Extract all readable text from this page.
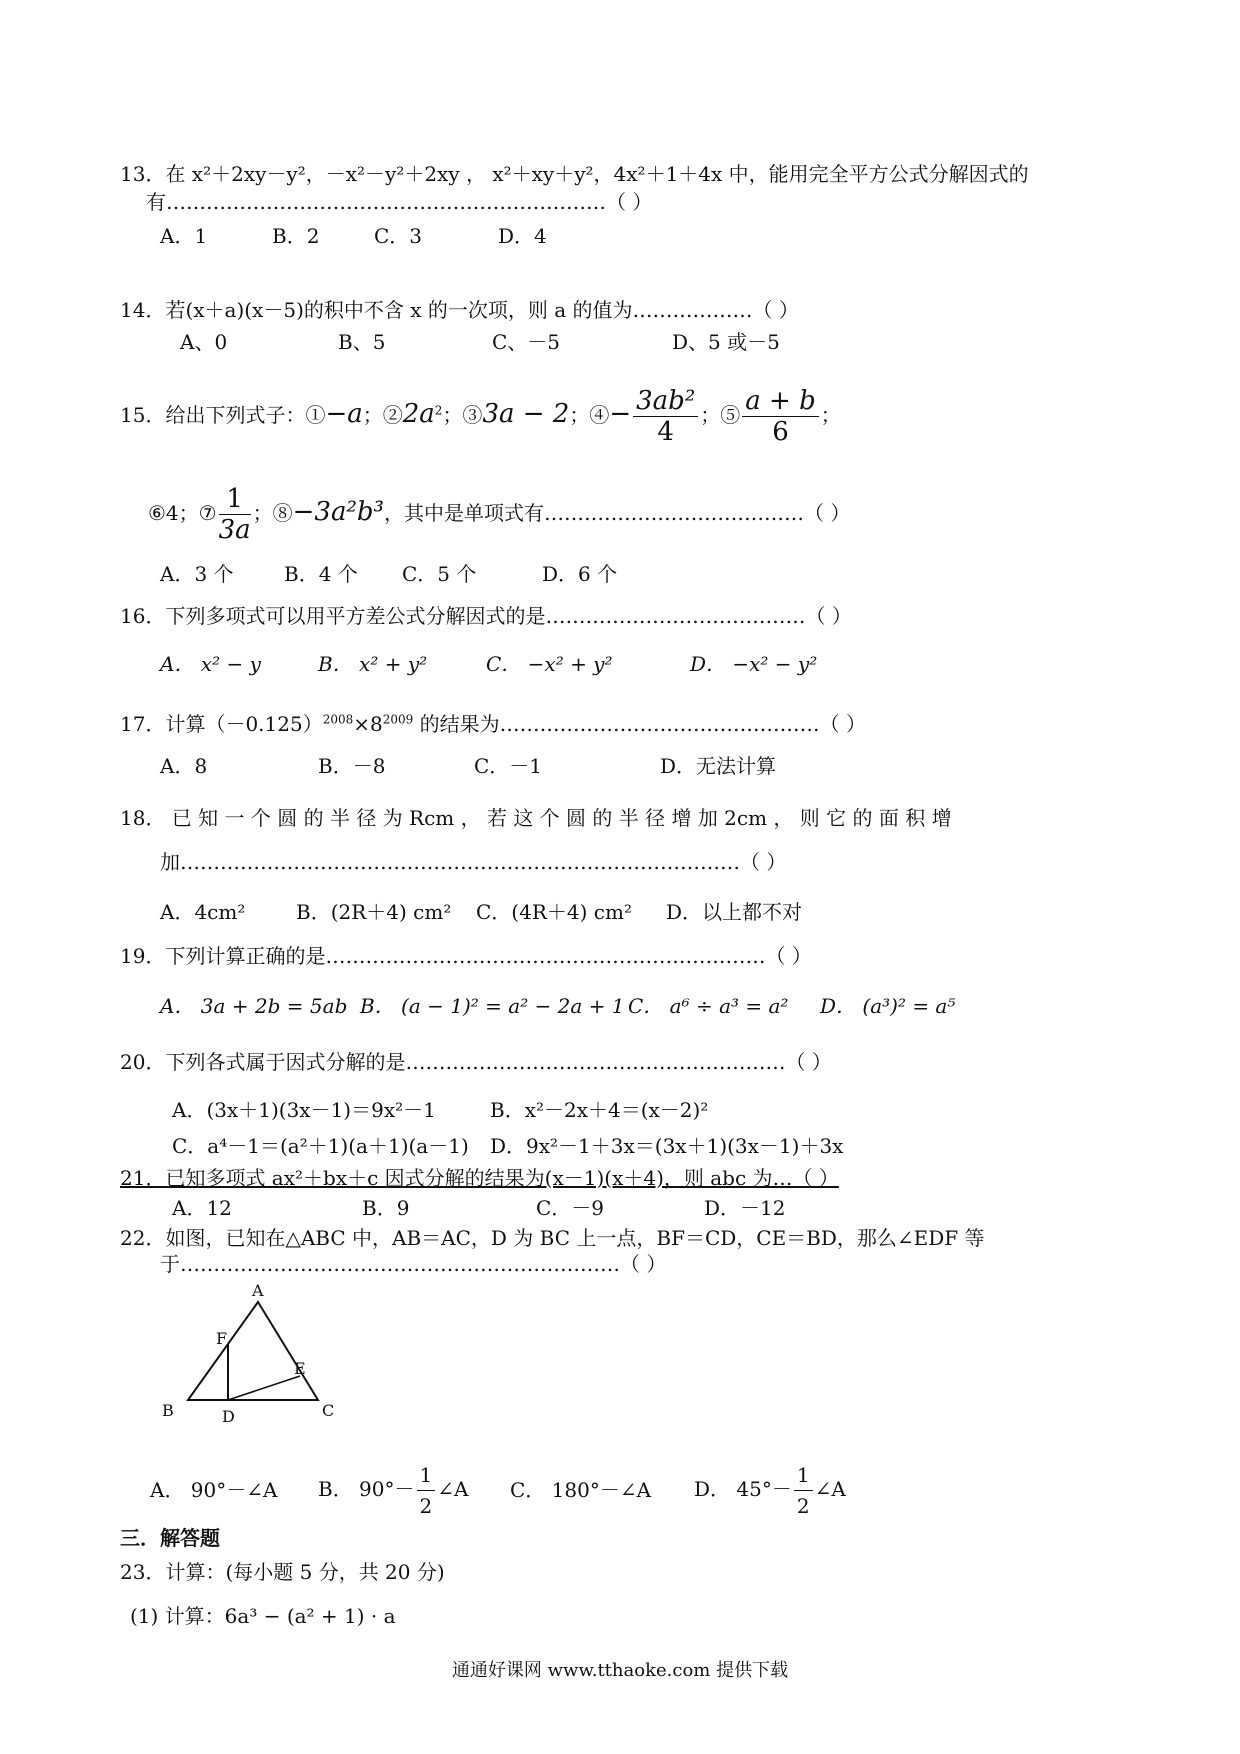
13．在 x²＋2xy－y²，－x²－y²＋2xy ， x²＋xy＋y²，4x²＋1＋4x 中，能用完全平方公式分解因式的
有…………………………………………………………（ ）
A．1	B．2	C．3	D．4
14．若(x＋a)(x－5)的积中不含 x 的一次项，则 a 的值为………………（ ）
A、0	B、5	C、－5	D、5 或－5
15．给出下列式子：①−a；$②2a^2$；③3a − 2；④− $\frac{\text{3ab²}}{4}$ ；⑤ $\frac{a + b}{6}$ ；
⑥4；⑦ $\frac{1}{3a}$ ；⑧−3a²b³，其中是单项式有…………………………………（ ）
A．3 个	B．4 个 C．5 个	D．6 个
16．下列多项式可以用平方差公式分解因式的是…………………………………（ ）
A． x² − y	B． x² + y²	C． −x² + y²	D． −x² − y²
17．计算$(-0.125)^{2008}\times 8^{2009}$ 的结果为…………………………………………（ ）
A．8	B．－8	C．－1	D．无法计算
18． 已 知 一 个 圆 的 半 径 为 Rcm ， 若 这 个 圆 的 半 径 增 加 2cm ， 则 它 的 面 积 增
加…………………………………………………………………………（ ）
A．4cm²	B．(2R＋4) cm² C．(4R＋4) cm² D．以上都不对
19．下列计算正确的是…………………………………………………………（ ）
A． 3a + 2b = 5ab B． (a − 1)² = a² − 2a + 1 C． a⁶ ÷ a³ = a² D． (a³)² = a⁵
20．下列各式属于因式分解的是…………………………………………………（ ）
A．(3x＋1)(3x－1)＝9x²－1	B．x²－2x＋4＝(x－2)²
C．a⁴－1＝(a²＋1)(a＋1)(a－1) D．9x²－1＋3x＝(3x＋1)(3x－1)＋3x
21．已知多项式 ax²＋bx＋c 因式分解的结果为(x－1)(x＋4)，则 abc 为…（ ）
A．12	B．9	C．－9	D．－12
22．如图，已知在△ABC 中，AB＝AC，D 为 BC 上一点，BF＝CD，CE＝BD，那么∠EDF 等
于…………………………………………………………（ ）
A
F
E
B	D	C
A． 90°－∠A B． $90^\circ- \frac{1}{2}$ ∠A C． 180°－∠A D． $45^\circ- \frac{1}{2}$ ∠A
三．解答题
23．计算：(每小题 5 分，共 20 分)
(1) 计算：6a³ − (a² + 1) · a
通通好课网 www.tthaoke.com 提供下载
